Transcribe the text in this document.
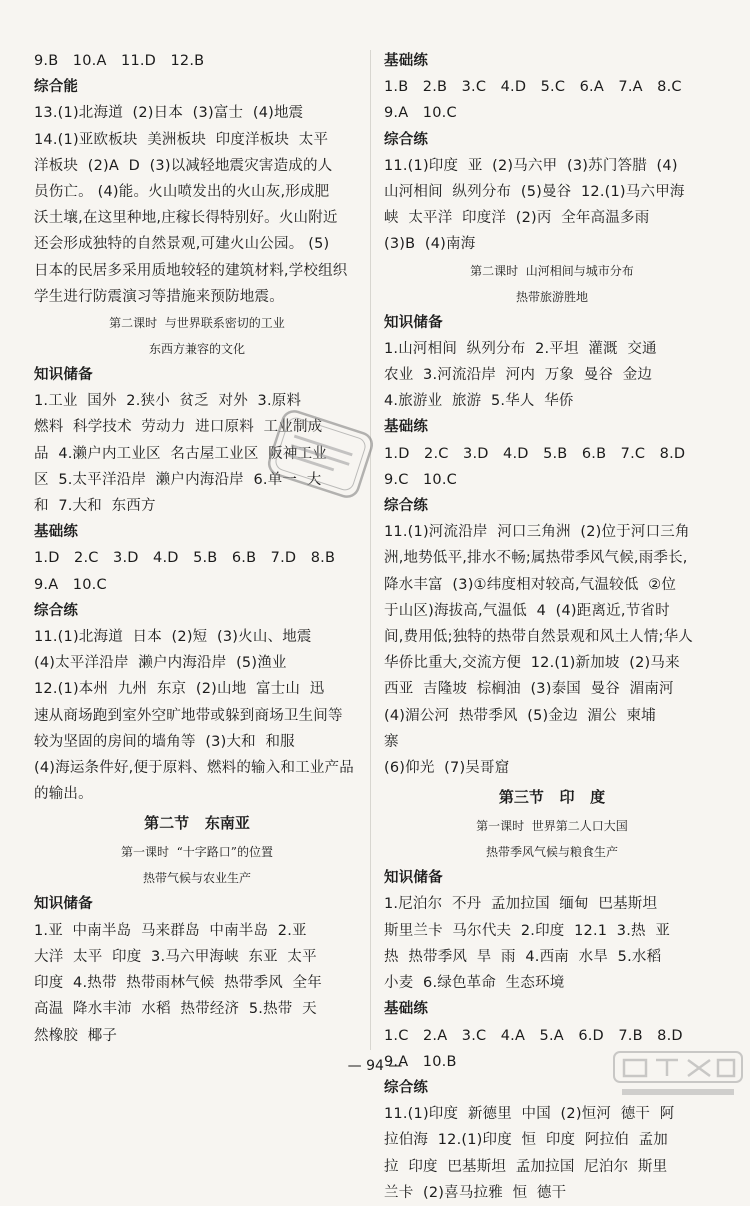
9.B   10.A   11.D   12.B
综合能
13.(1)北海道  (2)日本  (3)富士  (4)地震
14.(1)亚欧板块  美洲板块  印度洋板块  太平
洋板块  (2)A  D  (3)以减轻地震灾害造成的人
员伤亡。 (4)能。火山喷发出的火山灰,形成肥
沃土壤,在这里种地,庄稼长得特别好。火山附近
还会形成独特的自然景观,可建火山公园。 (5)
日本的民居多采用质地较轻的建筑材料,学校组织
学生进行防震演习等措施来预防地震。
第二课时  与世界联系密切的工业
东西方兼容的文化
知识储备
1.工业  国外  2.狭小  贫乏  对外  3.原料
燃料  科学技术  劳动力  进口原料  工业制成
品  4.濑户内工业区  名古屋工业区  阪神工业
区  5.太平洋沿岸  濑户内海沿岸  6.单一  大
和  7.大和  东西方
基础练
1.D   2.C   3.D   4.D   5.B   6.B   7.D   8.B
9.A   10.C
综合练
11.(1)北海道  日本  (2)短  (3)火山、地震
(4)太平洋沿岸  濑户内海沿岸  (5)渔业
12.(1)本州  九州  东京  (2)山地  富士山  迅
速从商场跑到室外空旷地带或躲到商场卫生间等
较为坚固的房间的墙角等  (3)大和  和服
(4)海运条件好,便于原料、燃料的输入和工业产品
的输出。
第二节   东南亚
第一课时  “十字路口”的位置
热带气候与农业生产
知识储备
1.亚  中南半岛  马来群岛  中南半岛  2.亚
大洋  太平  印度  3.马六甲海峡  东亚  太平
印度  4.热带  热带雨林气候  热带季风  全年
高温  降水丰沛  水稻  热带经济  5.热带  天
然橡胶  椰子
基础练
1.B   2.B   3.C   4.D   5.C   6.A   7.A   8.C
9.A   10.C
综合练
11.(1)印度  亚  (2)马六甲  (3)苏门答腊  (4)
山河相间  纵列分布  (5)曼谷  12.(1)马六甲海
峡  太平洋  印度洋  (2)丙  全年高温多雨
(3)B  (4)南海
第二课时  山河相间与城市分布
热带旅游胜地
知识储备
1.山河相间  纵列分布  2.平坦  灌溉  交通
农业  3.河流沿岸  河内  万象  曼谷  金边
4.旅游业  旅游  5.华人  华侨
基础练
1.D   2.C   3.D   4.D   5.B   6.B   7.C   8.D
9.C   10.C
综合练
11.(1)河流沿岸  河口三角洲  (2)位于河口三角
洲,地势低平,排水不畅;属热带季风气候,雨季长,
降水丰富  (3)①纬度相对较高,气温较低  ②位
于山区)海拔高,气温低  4  (4)距离近,节省时
间,费用低;独特的热带自然景观和风土人情;华人
华侨比重大,交流方便  12.(1)新加坡  (2)马来
西亚  吉隆坡  棕榈油  (3)泰国  曼谷  湄南河
(4)湄公河  热带季风  (5)金边  湄公  柬埔
寨
(6)仰光  (7)吴哥窟
第三节   印   度
第一课时  世界第二人口大国
热带季风气候与粮食生产
知识储备
1.尼泊尔  不丹  孟加拉国  缅甸  巴基斯坦
斯里兰卡  马尔代夫  2.印度  12.1  3.热  亚
热  热带季风  旱  雨  4.西南  水旱  5.水稻
小麦  6.绿色革命  生态环境
基础练
1.C   2.A   3.C   4.A   5.A   6.D   7.B   8.D
9.A   10.B
综合练
11.(1)印度  新德里  中国  (2)恒河  德干  阿
拉伯海  12.(1)印度  恒  印度  阿拉伯  孟加
拉  印度  巴基斯坦  孟加拉国  尼泊尔  斯里
兰卡  (2)喜马拉雅  恒  德干
— 94 —
